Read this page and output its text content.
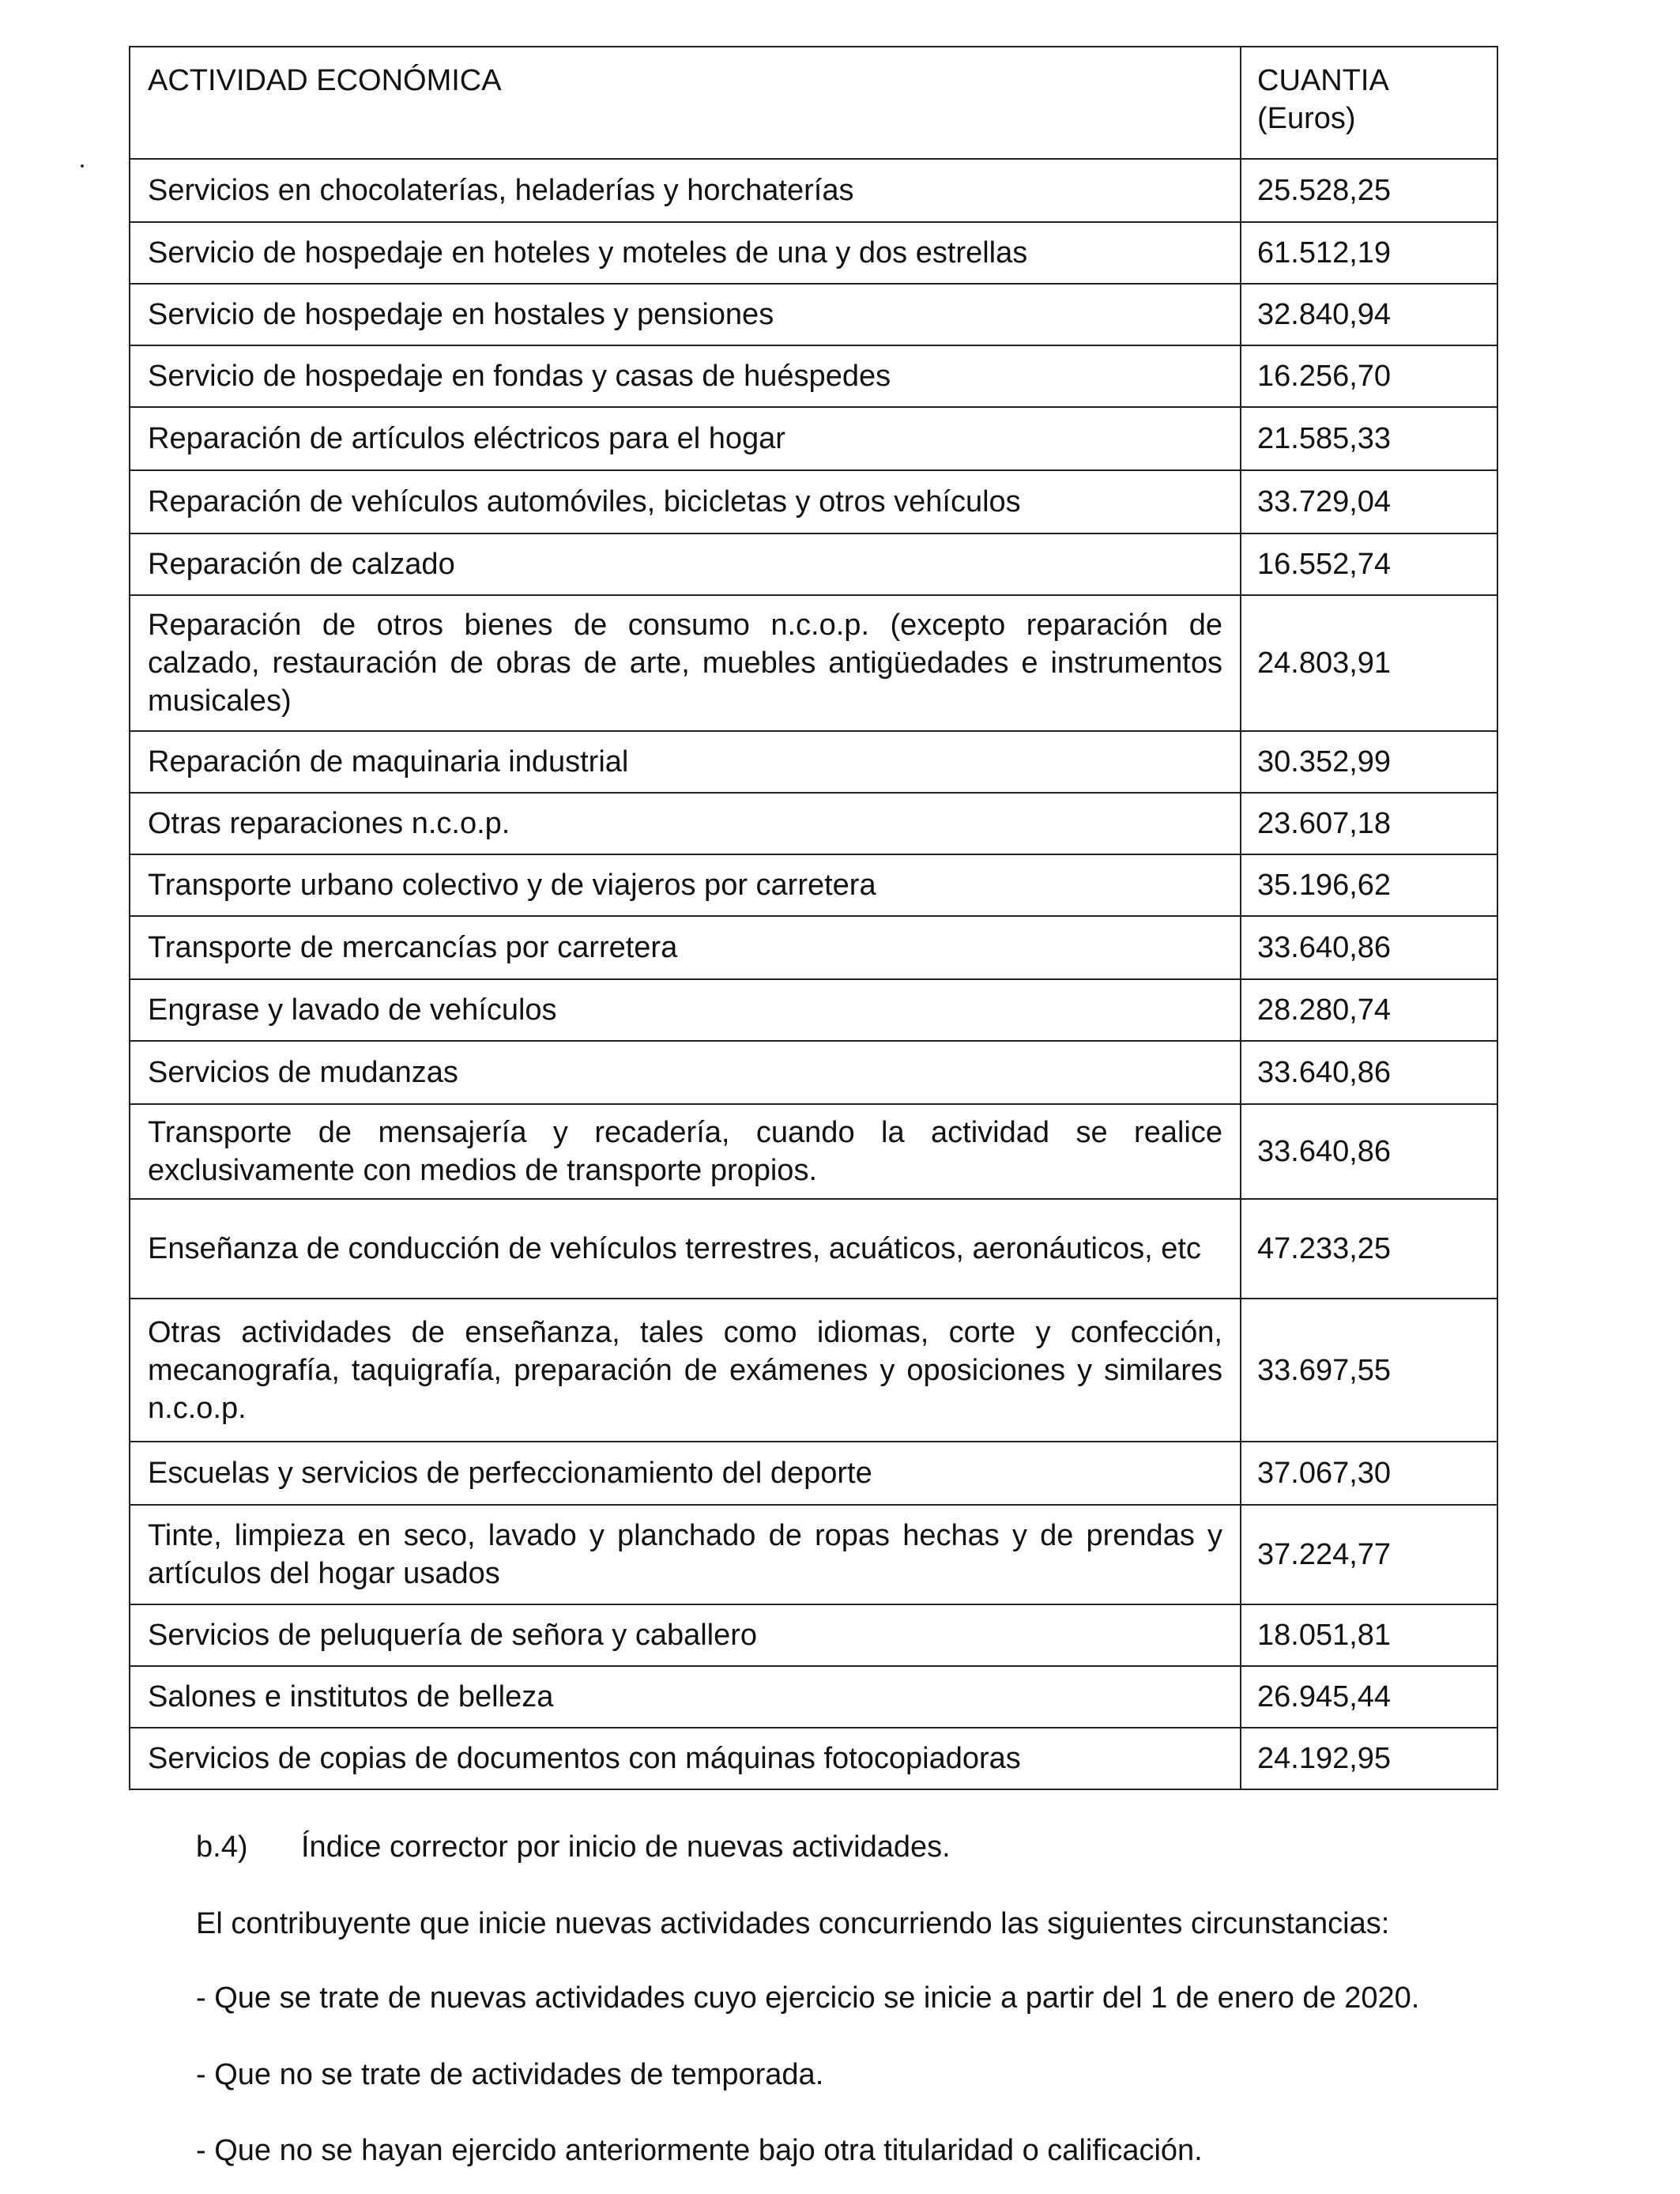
ACTIVIDAD ECONÓMICA	CUANTIA
(Euros)

Servicios en chocolaterías, heladerías y horchaterías	25.528,25
Servicio de hospedaje en hoteles y moteles de una y dos estrellas	61.512,19
Servicio de hospedaje en hostales y pensiones	32.840,94
Servicio de hospedaje en fondas y casas de huéspedes	16.256,70
Reparación de artículos eléctricos para el hogar	21.585,33
Reparación de vehículos automóviles, bicicletas y otros vehículos	33.729,04
Reparación de calzado	16.552,74
Reparación de otros bienes de consumo n.c.o.p. (excepto reparación de calzado, restauración de obras de arte, muebles antigüedades e instrumentos musicales)	24.803,91
Reparación de maquinaria industrial	30.352,99
Otras reparaciones n.c.o.p.	23.607,18
Transporte urbano colectivo y de viajeros por carretera	35.196,62
Transporte de mercancías por carretera	33.640,86
Engrase y lavado de vehículos	28.280,74
Servicios de mudanzas	33.640,86
Transporte de mensajería y recadería, cuando la actividad se realice exclusivamente con medios de transporte propios.	33.640,86
Enseñanza de conducción de vehículos terrestres, acuáticos, aeronáuticos, etc	47.233,25
Otras actividades de enseñanza, tales como idiomas, corte y confección, mecanografía, taquigrafía, preparación de exámenes y oposiciones y similares n.c.o.p.	33.697,55
Escuelas y servicios de perfeccionamiento del deporte	37.067,30
Tinte, limpieza en seco, lavado y planchado de ropas hechas y de prendas y artículos del hogar usados	37.224,77
Servicios de peluquería de señora y caballero	18.051,81
Salones e institutos de belleza	26.945,44
Servicios de copias de documentos con máquinas fotocopiadoras	24.192,95
b.4) Índice corrector por inicio de nuevas actividades.
El contribuyente que inicie nuevas actividades concurriendo las siguientes circunstancias:
- Que se trate de nuevas actividades cuyo ejercicio se inicie a partir del 1 de enero de 2020.
- Que no se trate de actividades de temporada.
- Que no se hayan ejercido anteriormente bajo otra titularidad o calificación.
